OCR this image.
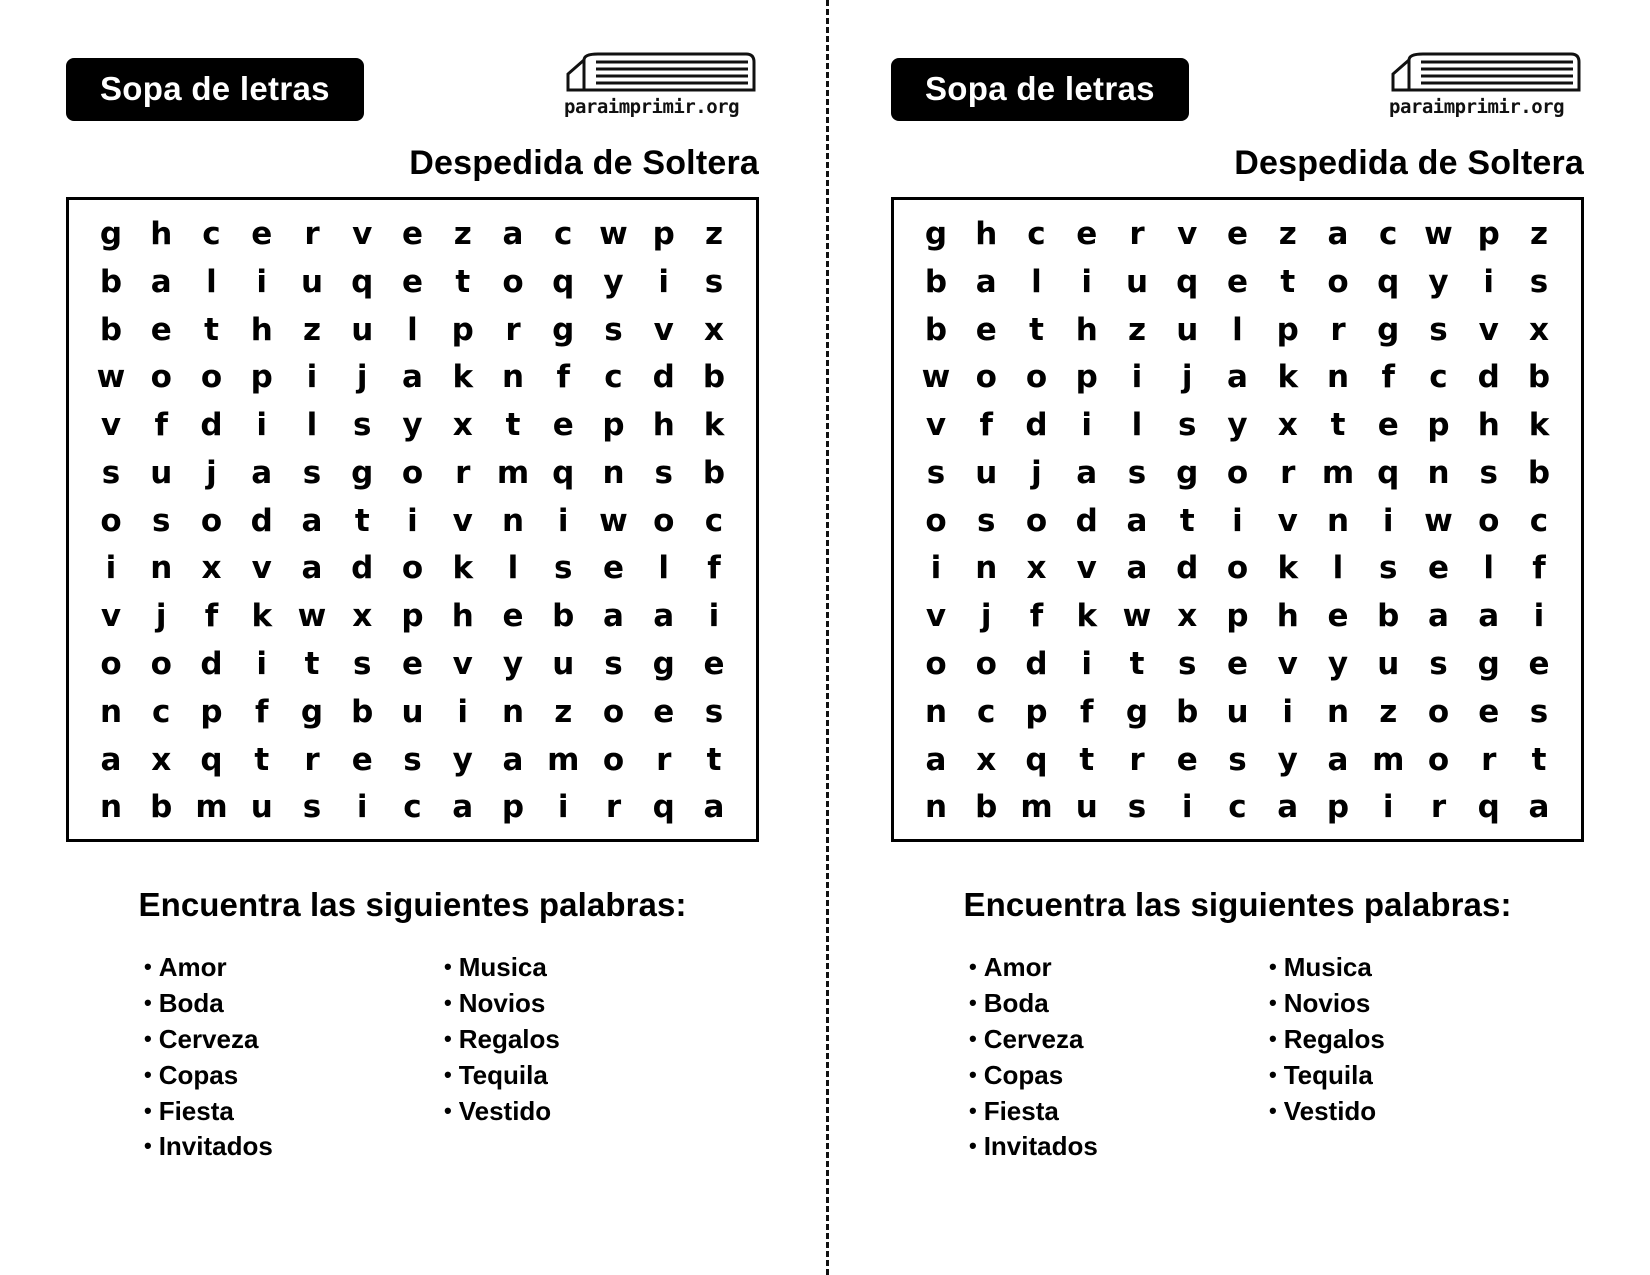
Sopa de letras	paraimprimir.org
Despedida de Soltera
g h c e	r	v e z a c w p z
b a	l	i	u q e	t	o q y	i	s
b e	t	h z u	l	p	r	g s v x
w o o p	i	j	a k n	f	c d b
v	f	d	i	l	s y x	t	e p h k
s u	j	a s g o	r m q n s b
o s o d a	t	i	v n	i w o c
i	n x v a d o k	l	s e	l	f
v	j	f	k w x p h e b a a	i
o o d	i	t	s e v y u s g e
n c p	f	g b u	i	n z o e s
a x q	t	r	e s y a m o	r	t
n b m u s	i	c a p	i	r	q a
Encuentra las siguientes palabras:
• Amor
• Boda
• Cerveza
• Copas
• Fiesta
• Invitados
• Musica
• Novios
• Regalos
• Tequila
• Vestido
Sopa de letras	paraimprimir.org
Despedida de Soltera
g h c e	r	v e z a c w p z
b a	l	i	u q e	t	o q y	i	s
b e	t	h z u	l	p	r	g s v x
w o o p	i	j	a k n	f	c d b
v	f	d	i	l	s y x	t	e p h k
s u	j	a s g o	r m q n s b
o s o d a	t	i	v n	i w o c
i	n x v a d o k	l	s e	l	f
v	j	f	k w x p h e b a a	i
o o d	i	t	s e v y u s g e
n c p	f	g b u	i	n z o e s
a x q	t	r	e s y a m o	r	t
n b m u s	i	c a p	i	r	q a
Encuentra las siguientes palabras:
• Amor
• Boda
• Cerveza
• Copas
• Fiesta
• Invitados
• Musica
• Novios
• Regalos
• Tequila
• Vestido
